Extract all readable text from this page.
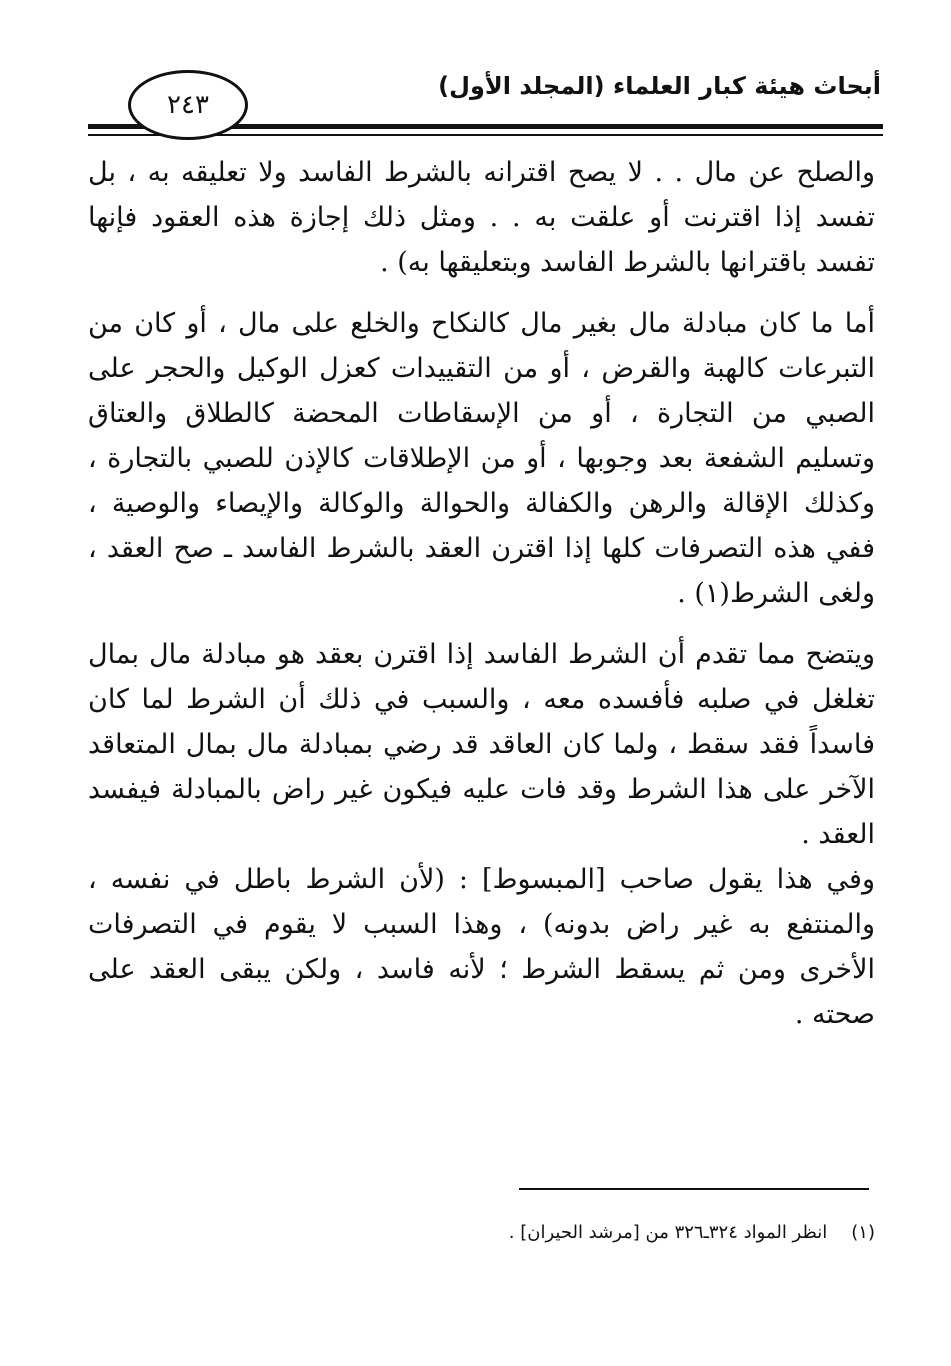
أبحاث هيئة كبار العلماء (المجلد الأول)
٢٤٣

والصلح عن مال . . لا يصح اقترانه بالشرط الفاسد ولا تعليقه به ، بل تفسد إذا اقترنت أو علقت به . . ومثل ذلك إجازة هذه العقود فإنها تفسد باقترانها بالشرط الفاسد وبتعليقها به) .

أما ما كان مبادلة مال بغير مال كالنكاح والخلع على مال ، أو كان من التبرعات كالهبة والقرض ، أو من التقييدات كعزل الوكيل والحجر على الصبي من التجارة ، أو من الإسقاطات المحضة كالطلاق والعتاق وتسليم الشفعة بعد وجوبها ، أو من الإطلاقات كالإذن للصبي بالتجارة ، وكذلك الإقالة والرهن والكفالة والحوالة والوكالة والإيصاء والوصية ، ففي هذه التصرفات كلها إذا اقترن العقد بالشرط الفاسد ـ صح العقد ، ولغى الشرط(١) .

ويتضح مما تقدم أن الشرط الفاسد إذا اقترن بعقد هو مبادلة مال بمال تغلغل في صلبه فأفسده معه ، والسبب في ذلك أن الشرط لما كان فاسداً فقد سقط ، ولما كان العاقد قد رضي بمبادلة مال بمال المتعاقد الآخر على هذا الشرط وقد فات عليه فيكون غير راض بالمبادلة فيفسد العقد .

وفي هذا يقول صاحب [المبسوط] : (لأن الشرط باطل في نفسه ، والمنتفع به غير راض بدونه) ، وهذا السبب لا يقوم في التصرفات الأخرى ومن ثم يسقط الشرط ؛ لأنه فاسد ، ولكن يبقى العقد على صحته .

(١)
انظر المواد ٣٢٤ـ٣٢٦ من [مرشد الحيران] .
